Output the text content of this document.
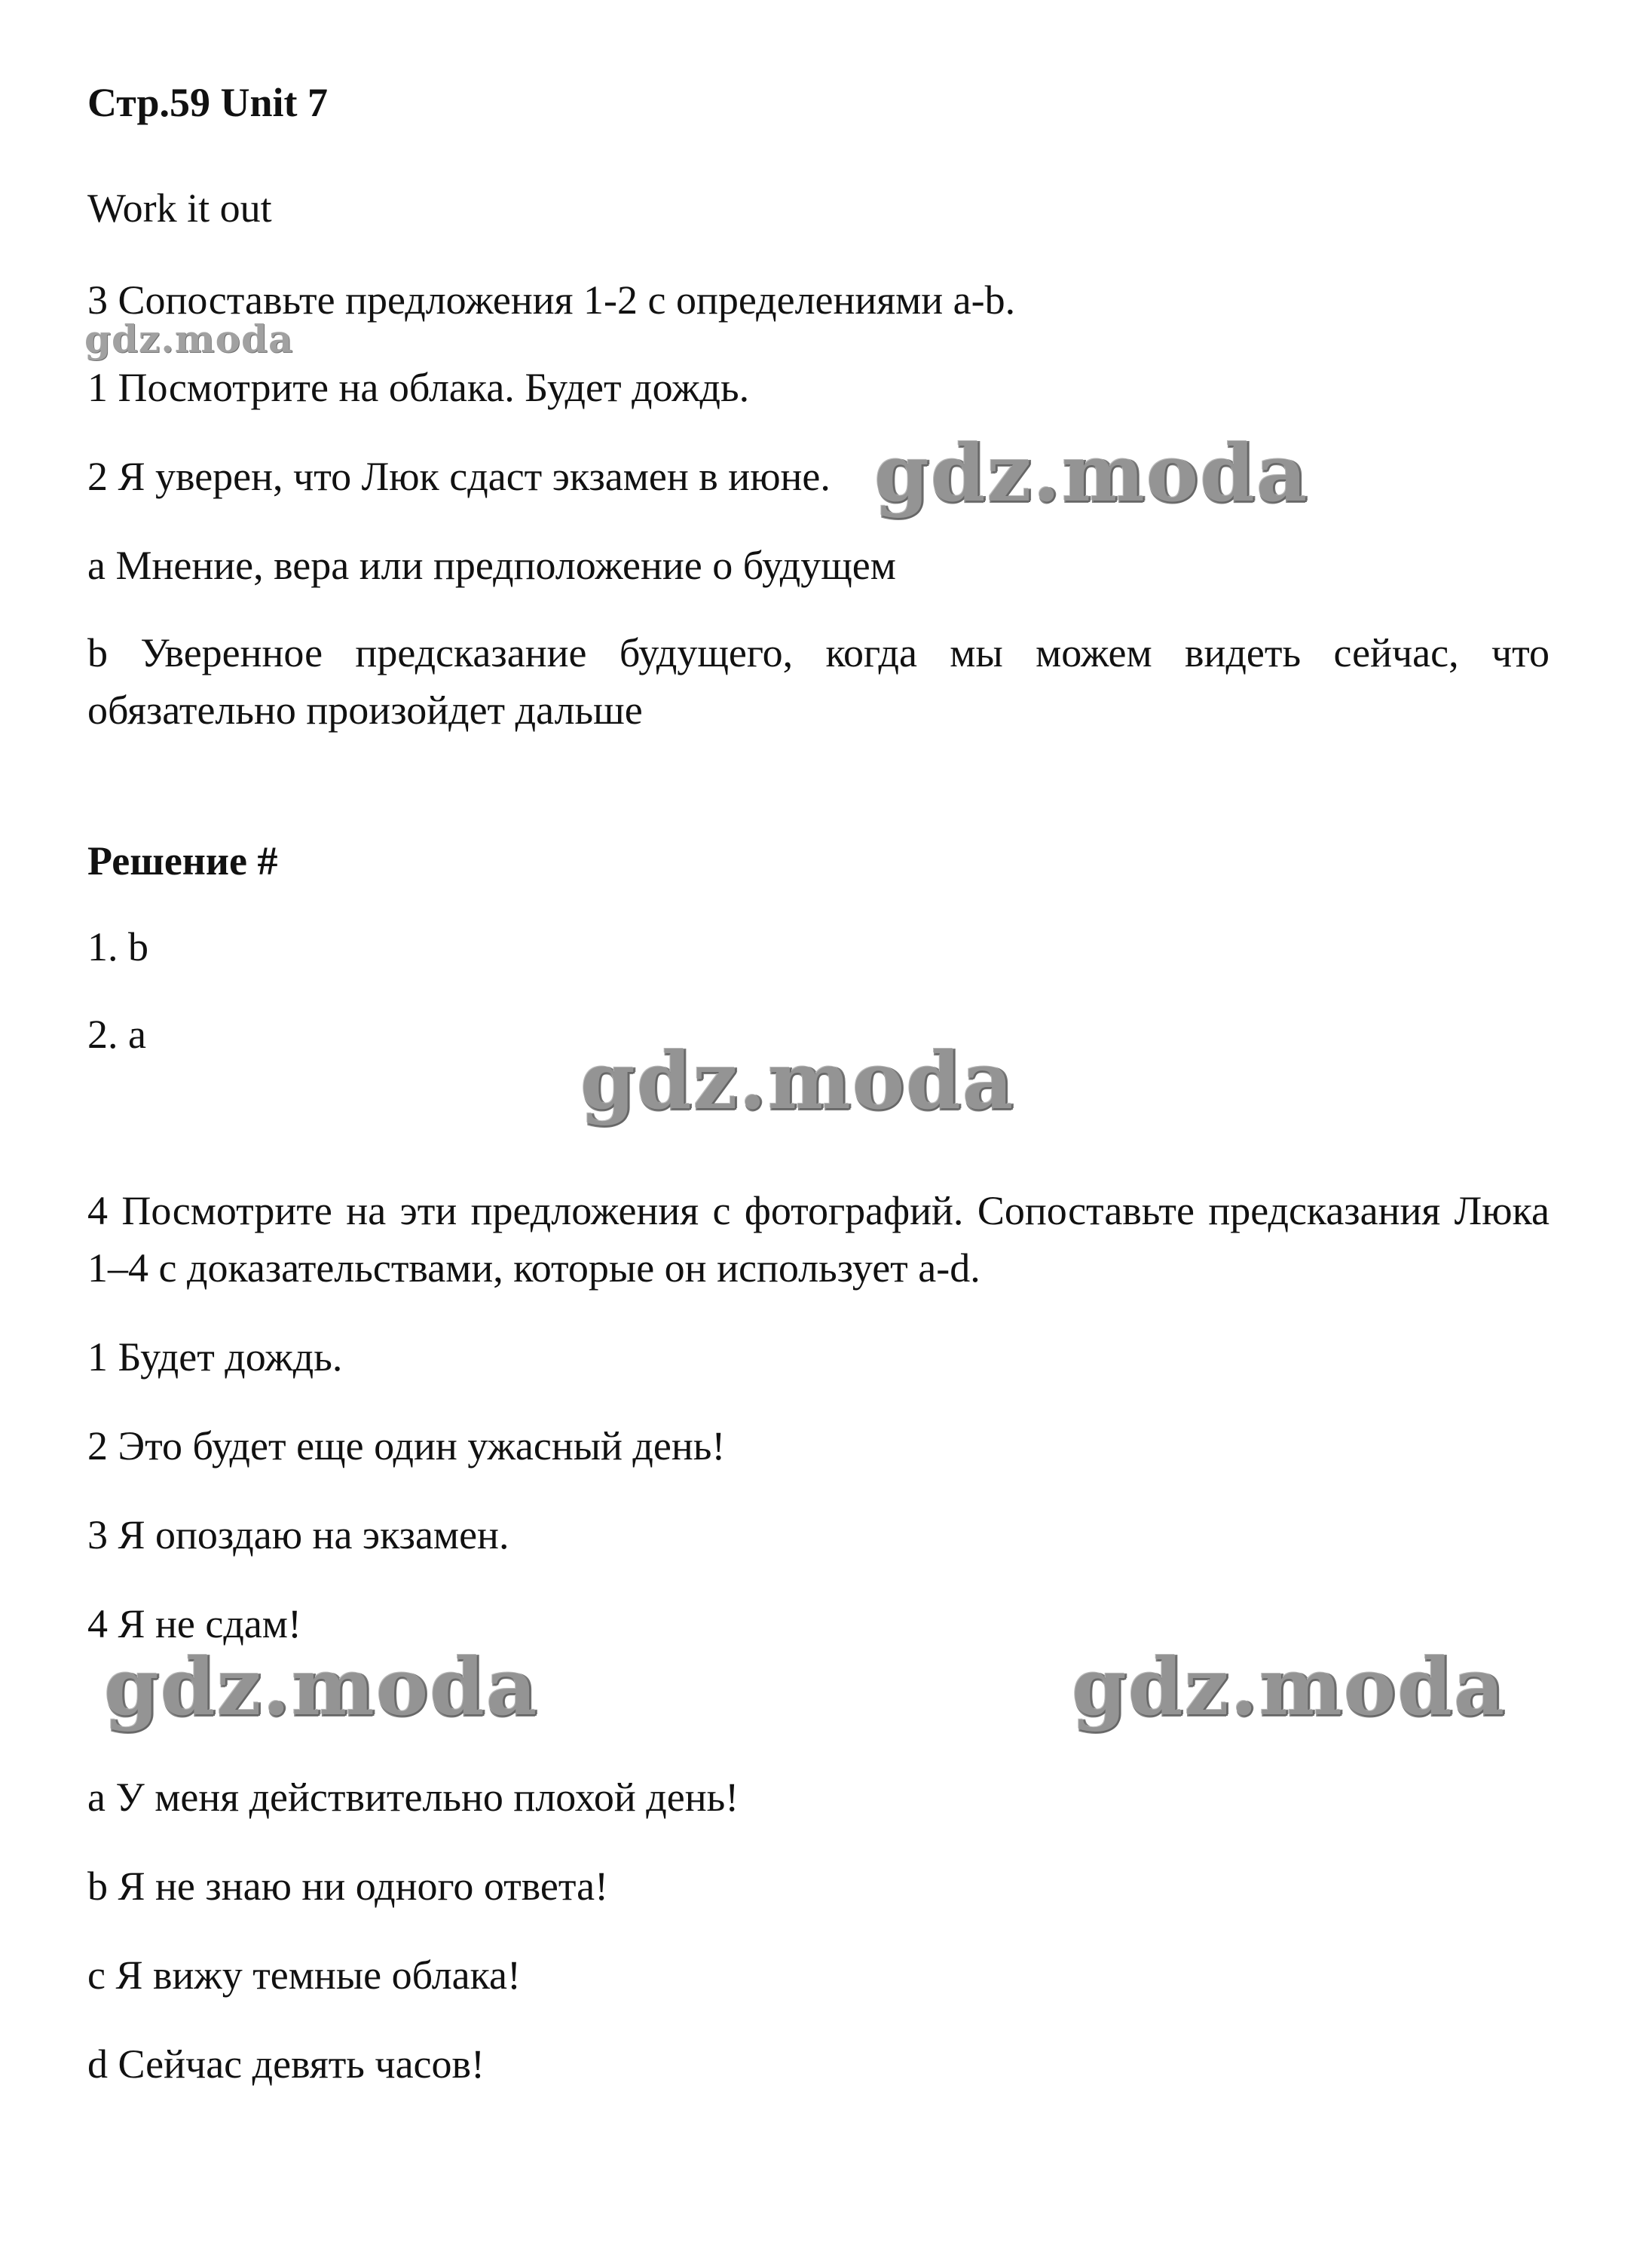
Стр.59 Unit 7
Work it out
3 Сопоставьте предложения 1-2 с определениями a-b.
1 Посмотрите на облака. Будет дождь.
2 Я уверен, что Люк сдаст экзамен в июне.
a Мнение, вера или предположение о будущем
b Уверенное предсказание будущего, когда мы можем видеть сейчас, что обязательно произойдет дальше
Решение #
1. b
2. a
4 Посмотрите на эти предложения с фотографий. Сопоставьте предсказания Люка 1–4 с доказательствами, которые он использует a-d.
1 Будет дождь.
2 Это будет еще один ужасный день!
3 Я опоздаю на экзамен.
4 Я не сдам!
a У меня действительно плохой день!
b Я не знаю ни одного ответа!
c Я вижу темные облака!
d Сейчас девять часов!
gdz.moda
gdz.moda
gdz.moda
gdz.moda	gdz.moda
